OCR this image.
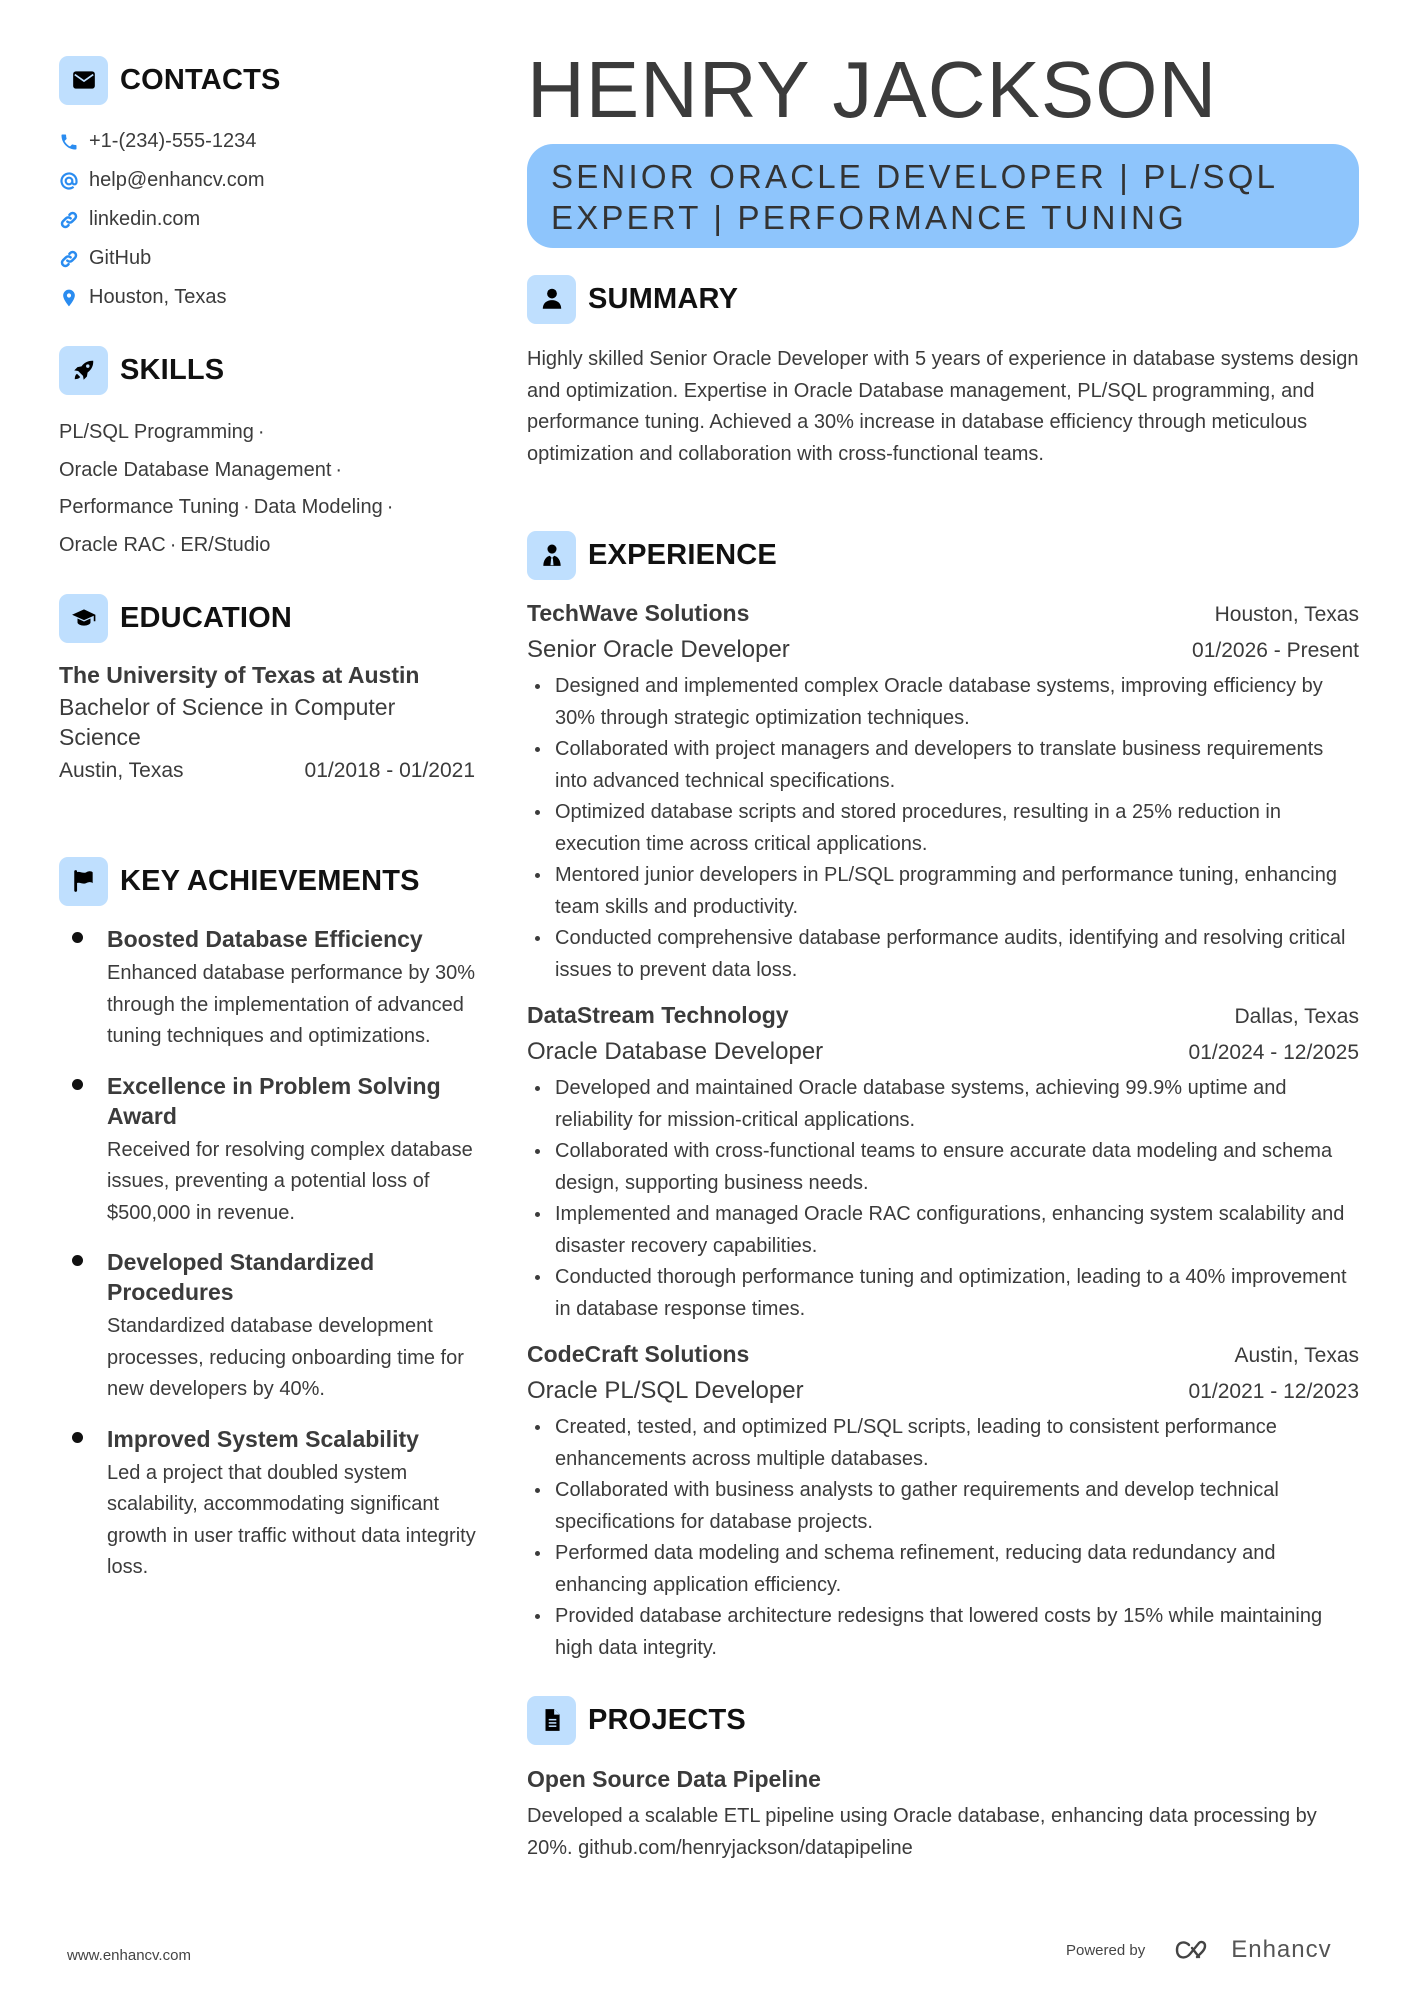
CONTACTS
+1-(234)-555-1234
help@enhancv.com
linkedin.com
GitHub
Houston, Texas
SKILLS
PL/SQL Programming ·
Oracle Database Management ·
Performance Tuning · Data Modeling ·
Oracle RAC · ER/Studio
EDUCATION
The University of Texas at Austin
Bachelor of Science in Computer Science
Austin, Texas	01/2018 - 01/2021
KEY ACHIEVEMENTS
Boosted Database Efficiency
Enhanced database performance by 30% through the implementation of advanced tuning techniques and optimizations.
Excellence in Problem Solving Award
Received for resolving complex database issues, preventing a potential loss of $500,000 in revenue.
Developed Standardized Procedures
Standardized database development processes, reducing onboarding time for new developers by 40%.
Improved System Scalability
Led a project that doubled system scalability, accommodating significant growth in user traffic without data integrity loss.
HENRY JACKSON
SENIOR ORACLE DEVELOPER | PL/SQL
EXPERT | PERFORMANCE TUNING
SUMMARY
Highly skilled Senior Oracle Developer with 5 years of experience in database systems design and optimization. Expertise in Oracle Database management, PL/SQL programming, and performance tuning. Achieved a 30% increase in database efficiency through meticulous optimization and collaboration with cross-functional teams.
EXPERIENCE
TechWave Solutions	Houston, Texas
Senior Oracle Developer	01/2026 - Present
Designed and implemented complex Oracle database systems, improving efficiency by 30% through strategic optimization techniques.
Collaborated with project managers and developers to translate business requirements into advanced technical specifications.
Optimized database scripts and stored procedures, resulting in a 25% reduction in execution time across critical applications.
Mentored junior developers in PL/SQL programming and performance tuning, enhancing team skills and productivity.
Conducted comprehensive database performance audits, identifying and resolving critical issues to prevent data loss.
DataStream Technology	Dallas, Texas
Oracle Database Developer	01/2024 - 12/2025
Developed and maintained Oracle database systems, achieving 99.9% uptime and reliability for mission-critical applications.
Collaborated with cross-functional teams to ensure accurate data modeling and schema design, supporting business needs.
Implemented and managed Oracle RAC configurations, enhancing system scalability and disaster recovery capabilities.
Conducted thorough performance tuning and optimization, leading to a 40% improvement in database response times.
CodeCraft Solutions	Austin, Texas
Oracle PL/SQL Developer	01/2021 - 12/2023
Created, tested, and optimized PL/SQL scripts, leading to consistent performance enhancements across multiple databases.
Collaborated with business analysts to gather requirements and develop technical specifications for database projects.
Performed data modeling and schema refinement, reducing data redundancy and enhancing application efficiency.
Provided database architecture redesigns that lowered costs by 15% while maintaining high data integrity.
PROJECTS
Open Source Data Pipeline
Developed a scalable ETL pipeline using Oracle database, enhancing data processing by 20%. github.com/henryjackson/datapipeline
www.enhancv.com	Powered by	Enhancv
